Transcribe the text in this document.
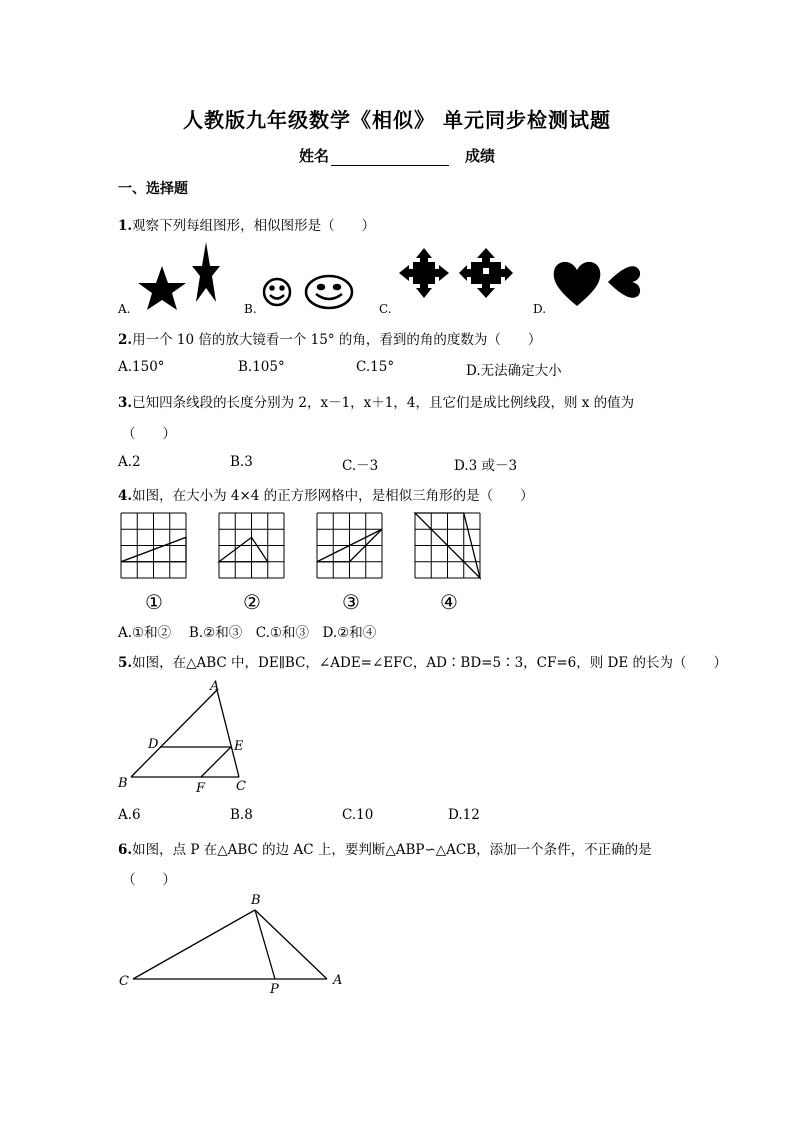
人教版九年级数学《相似》 单元同步检测试题
姓名	成绩
一、选择题
1.观察下列每组图形，相似图形是（　　）
A.	B.	C.	D.
2.用一个 10 倍的放大镜看一个 15° 的角，看到的角的度数为（　　）
A.150°	B.105°	C.15°	D.无法确定大小
3.已知四条线段的长度分别为 2，x－1，x＋1，4，且它们是成比例线段，则 x 的值为
（　　）
A.2	B.3	C.－3	D.3 或－3
4.如图，在大小为 4×4 的正方形网格中，是相似三角形的是（　　）
①	②	③	④
A.①和②　 B.②和③　C.①和③　D.②和④
5.如图，在△ABC 中，DE∥BC，∠ADE=∠EFC，AD∶BD=5∶3，CF=6，则 DE 的长为（　　）
A
D	E
B	C
F
A.6	B.8	C.10	D.12
6.如图，点 P 在△ABC 的边 AC 上，要判断△ABP∽△ACB，添加一个条件，不正确的是
（　　）
B
C	A
P
